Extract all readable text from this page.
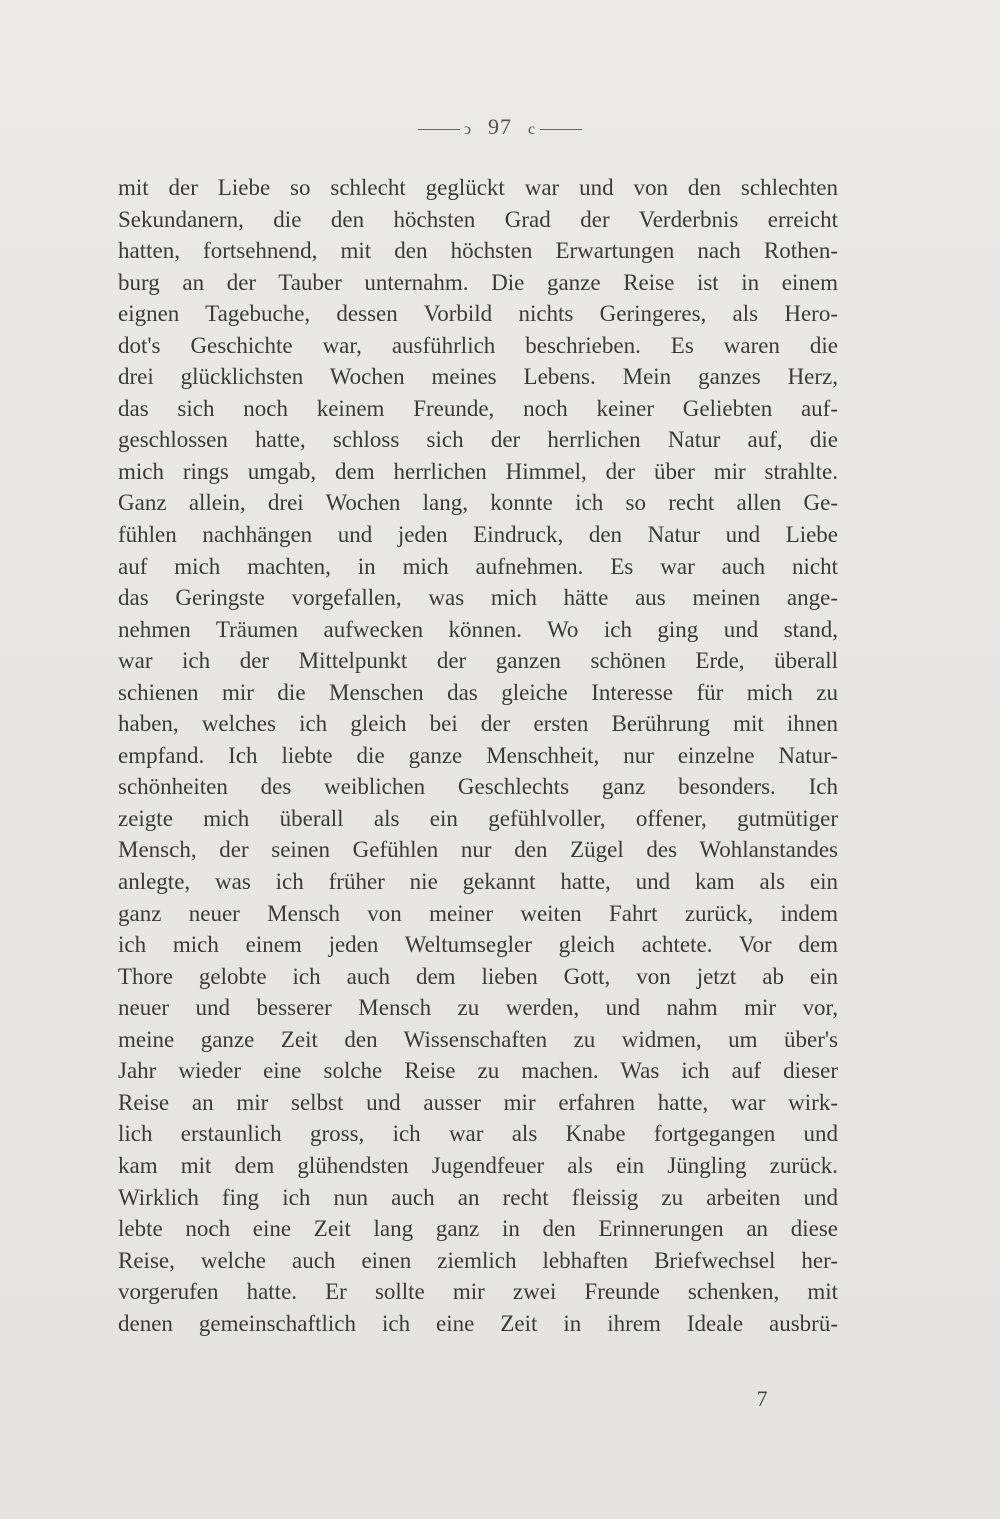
ↄ 97 c
mit der Liebe so schlecht geglückt war und von den schlechten
Sekundanern, die den höchsten Grad der Verderbnis erreicht
hatten, fortsehnend, mit den höchsten Erwartungen nach Rothen-
burg an der Tauber unternahm. Die ganze Reise ist in einem
eignen Tagebuche, dessen Vorbild nichts Geringeres, als Hero-
dot's Geschichte war, ausführlich beschrieben. Es waren die
drei glücklichsten Wochen meines Lebens. Mein ganzes Herz,
das sich noch keinem Freunde, noch keiner Geliebten auf-
geschlossen hatte, schloss sich der herrlichen Natur auf, die
mich rings umgab, dem herrlichen Himmel, der über mir strahlte.
Ganz allein, drei Wochen lang, konnte ich so recht allen Ge-
fühlen nachhängen und jeden Eindruck, den Natur und Liebe
auf mich machten, in mich aufnehmen. Es war auch nicht
das Geringste vorgefallen, was mich hätte aus meinen ange-
nehmen Träumen aufwecken können. Wo ich ging und stand,
war ich der Mittelpunkt der ganzen schönen Erde, überall
schienen mir die Menschen das gleiche Interesse für mich zu
haben, welches ich gleich bei der ersten Berührung mit ihnen
empfand. Ich liebte die ganze Menschheit, nur einzelne Natur-
schönheiten des weiblichen Geschlechts ganz besonders. Ich
zeigte mich überall als ein gefühlvoller, offener, gutmütiger
Mensch, der seinen Gefühlen nur den Zügel des Wohlanstandes
anlegte, was ich früher nie gekannt hatte, und kam als ein
ganz neuer Mensch von meiner weiten Fahrt zurück, indem
ich mich einem jeden Weltumsegler gleich achtete. Vor dem
Thore gelobte ich auch dem lieben Gott, von jetzt ab ein
neuer und besserer Mensch zu werden, und nahm mir vor,
meine ganze Zeit den Wissenschaften zu widmen, um über's
Jahr wieder eine solche Reise zu machen. Was ich auf dieser
Reise an mir selbst und ausser mir erfahren hatte, war wirk-
lich erstaunlich gross, ich war als Knabe fortgegangen und
kam mit dem glühendsten Jugendfeuer als ein Jüngling zurück.
Wirklich fing ich nun auch an recht fleissig zu arbeiten und
lebte noch eine Zeit lang ganz in den Erinnerungen an diese
Reise, welche auch einen ziemlich lebhaften Briefwechsel her-
vorgerufen hatte. Er sollte mir zwei Freunde schenken, mit
denen gemeinschaftlich ich eine Zeit in ihrem Ideale ausbrü-
7
